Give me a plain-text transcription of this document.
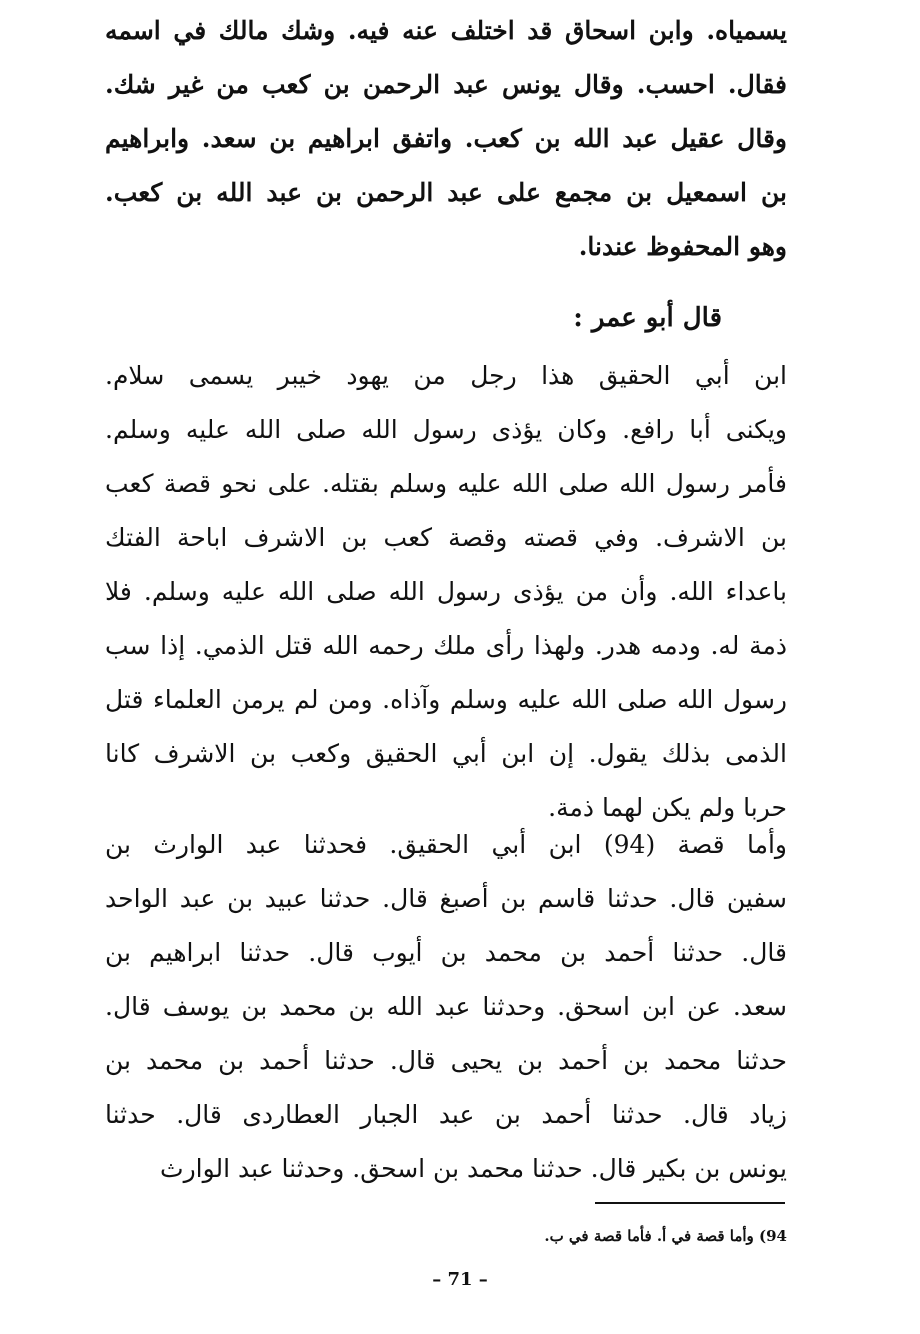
يسمياه. وابن اسحاق قد اختلف عنه فيه. وشك مالك في اسمه
فقال. احسب. وقال يونس عبد الرحمن بن كعب من غير شك.
وقال عقيل عبد الله بن كعب. واتفق ابراهيم بن سعد. وابراهيم
بن اسمعيل بن مجمع على عبد الرحمن بن عبد الله بن كعب.
وهو المحفوظ عندنا.
قال أبو عمر :
ابن أبي الحقيق هذا رجل من يهود خيبر يسمى سلام.
ويكنى أبا رافع. وكان يؤذى رسول الله صلى الله عليه وسلم.
فأمر رسول الله صلى الله عليه وسلم بقتله. على نحو قصة كعب
بن الاشرف. وفي قصته وقصة كعب بن الاشرف اباحة الفتك
باعداء الله. وأن من يؤذى رسول الله صلى الله عليه وسلم. فلا
ذمة له. ودمه هدر. ولهذا رأى ملك رحمه الله قتل الذمي. إذا سب
رسول الله صلى الله عليه وسلم وآذاه. ومن لم يرمن العلماء قتل
الذمى بذلك يقول. إن ابن أبي الحقيق وكعب بن الاشرف كانا
حربا ولم يكن لهما ذمة.
وأما قصة (94) ابن أبي الحقيق. فحدثنا عبد الوارث بن
سفين قال. حدثنا قاسم بن أصبغ قال. حدثنا عبيد بن عبد الواحد
قال. حدثنا أحمد بن محمد بن أيوب قال. حدثنا ابراهيم بن
سعد. عن ابن اسحق. وحدثنا عبد الله بن محمد بن يوسف قال.
حدثنا محمد بن أحمد بن يحيى قال. حدثنا أحمد بن محمد بن
زياد قال. حدثنا أحمد بن عبد الجبار العطاردى قال. حدثنا
يونس بن بكير قال. حدثنا محمد بن اسحق. وحدثنا عبد الوارث
94) وأما قصة في أ. فأما قصة في ب.
– 71 –
